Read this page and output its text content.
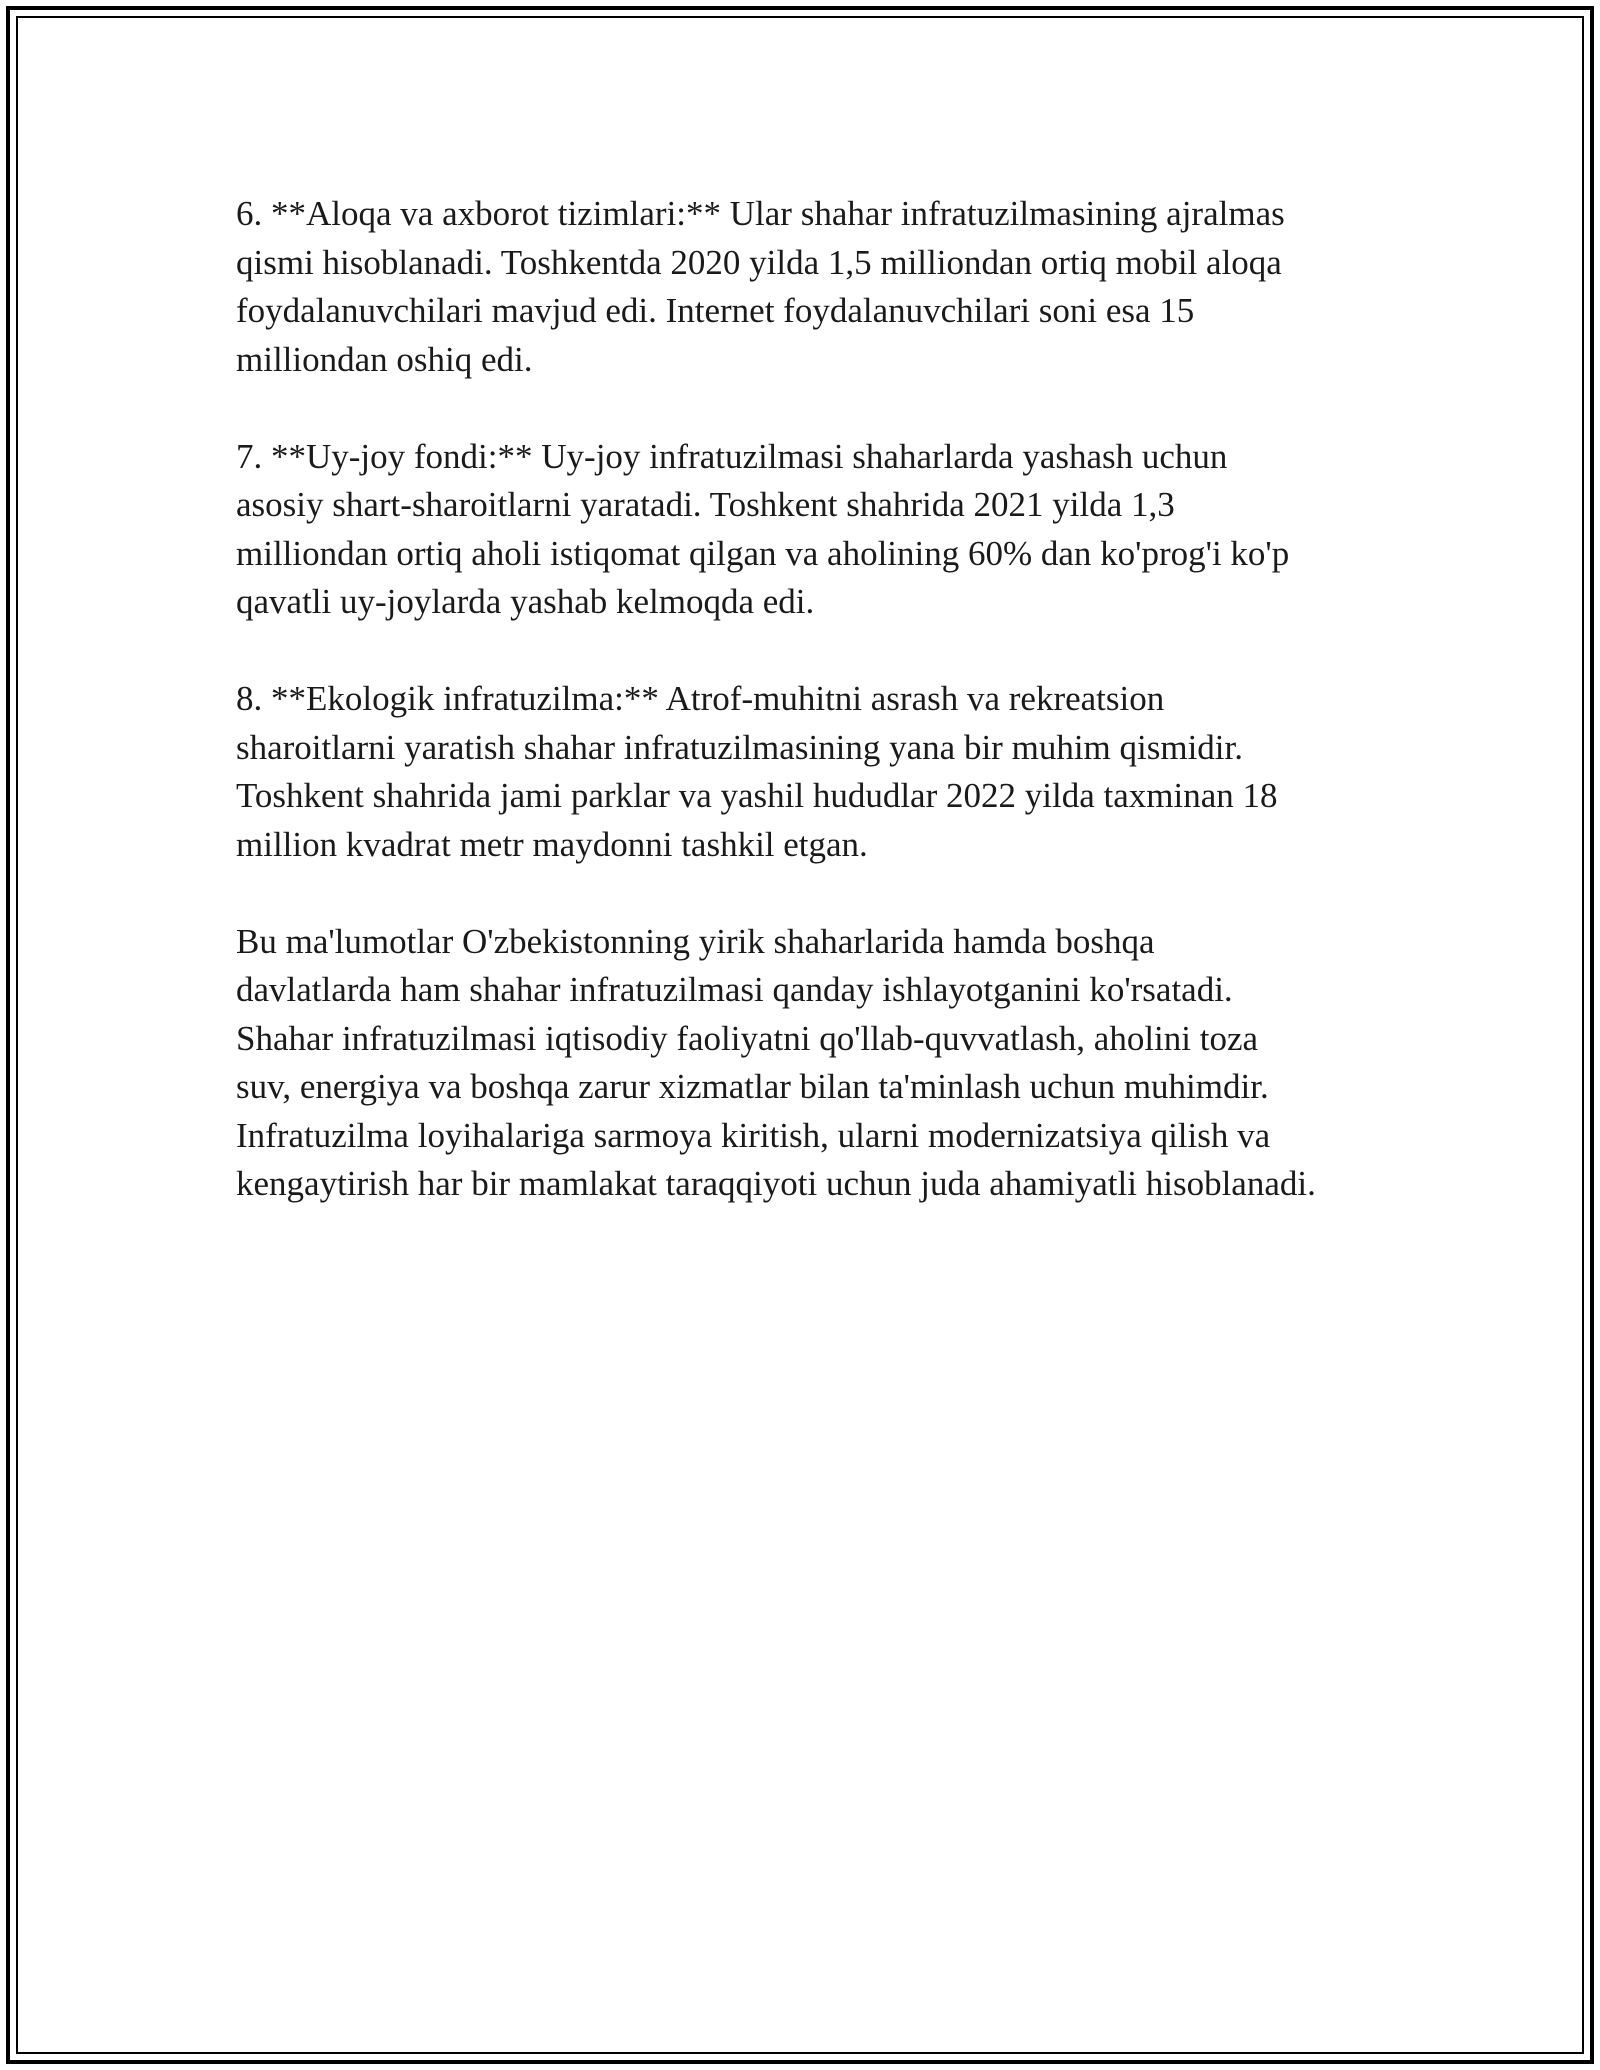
6. **Aloqa va axborot tizimlari:** Ular shahar infratuzilmasining ajralmas
qismi hisoblanadi. Toshkentda 2020 yilda 1,5 milliondan ortiq mobil aloqa
foydalanuvchilari mavjud edi. Internet foydalanuvchilari soni esa 15
milliondan oshiq edi.

7. **Uy-joy fondi:** Uy-joy infratuzilmasi shaharlarda yashash uchun
asosiy shart-sharoitlarni yaratadi. Toshkent shahrida 2021 yilda 1,3
milliondan ortiq aholi istiqomat qilgan va aholining 60% dan ko'prog'i ko'p
qavatli uy-joylarda yashab kelmoqda edi.

8. **Ekologik infratuzilma:** Atrof-muhitni asrash va rekreatsion
sharoitlarni yaratish shahar infratuzilmasining yana bir muhim qismidir.
Toshkent shahrida jami parklar va yashil hududlar 2022 yilda taxminan 18
million kvadrat metr maydonni tashkil etgan.

Bu ma'lumotlar O'zbekistonning yirik shaharlarida hamda boshqa
davlatlarda ham shahar infratuzilmasi qanday ishlayotganini ko'rsatadi.
Shahar infratuzilmasi iqtisodiy faoliyatni qo'llab-quvvatlash, aholini toza
suv, energiya va boshqa zarur xizmatlar bilan ta'minlash uchun muhimdir.
Infratuzilma loyihalariga sarmoya kiritish, ularni modernizatsiya qilish va
kengaytirish har bir mamlakat taraqqiyoti uchun juda ahamiyatli hisoblanadi.
